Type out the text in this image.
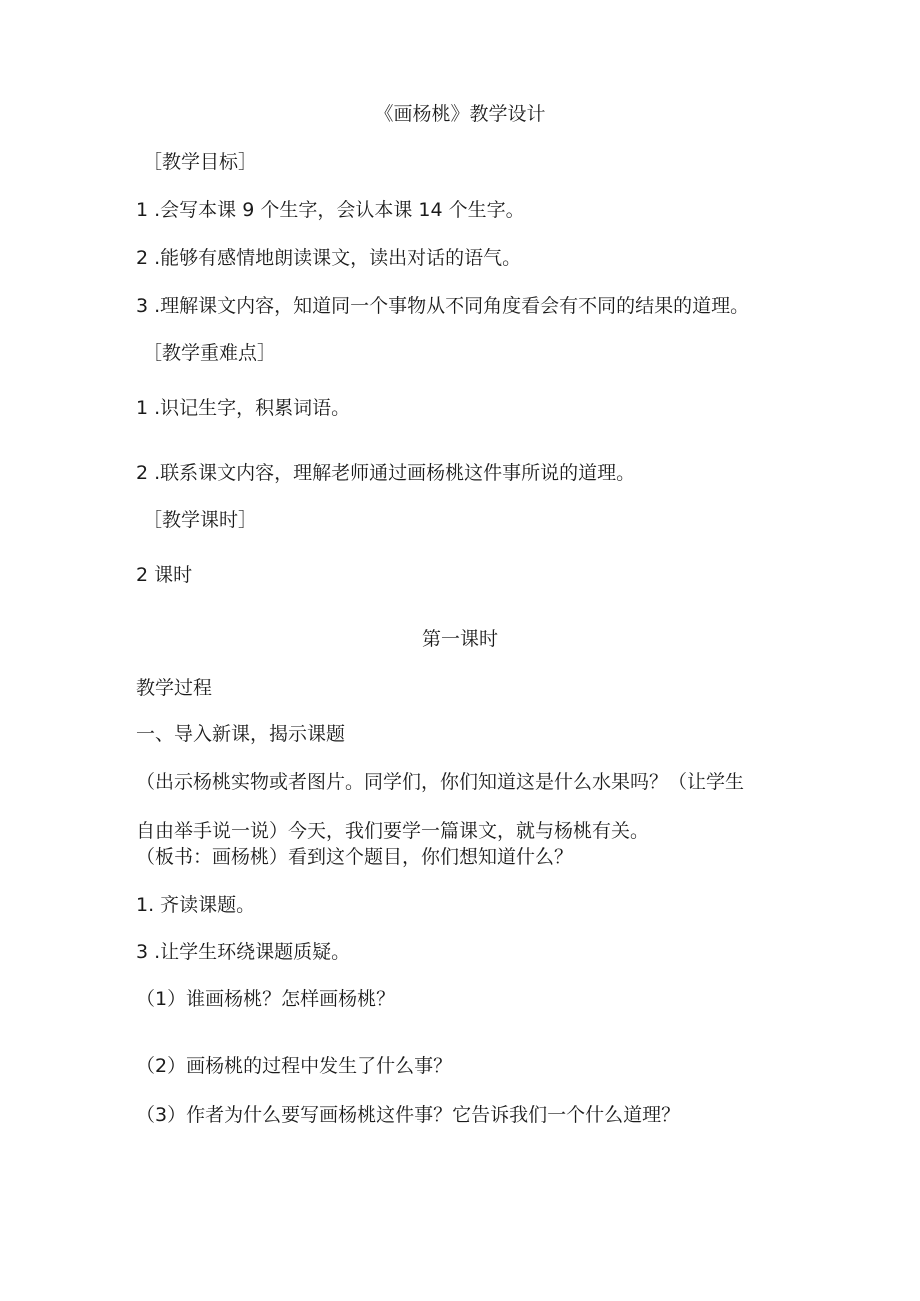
《画杨桃》教学设计

［教学目标］

1 .会写本课 9 个生字，会认本课 14 个生字。

2 .能够有感情地朗读课文，读出对话的语气。

3 .理解课文内容，知道同一个事物从不同角度看会有不同的结果的道理。

［教学重难点］

1 .识记生字，积累词语。

2 .联系课文内容，理解老师通过画杨桃这件事所说的道理。

［教学课时］

2 课时

第一课时

教学过程

一、导入新课，揭示课题

（出示杨桃实物或者图片。同学们，你们知道这是什么水果吗？（让学生

自由举手说一说）今天，我们要学一篇课文，就与杨桃有关。

（板书：画杨桃）看到这个题目，你们想知道什么？

1. 齐读课题。

3 .让学生环绕课题质疑。

（1）谁画杨桃？怎样画杨桃？

（2）画杨桃的过程中发生了什么事？

（3）作者为什么要写画杨桃这件事？它告诉我们一个什么道理？
